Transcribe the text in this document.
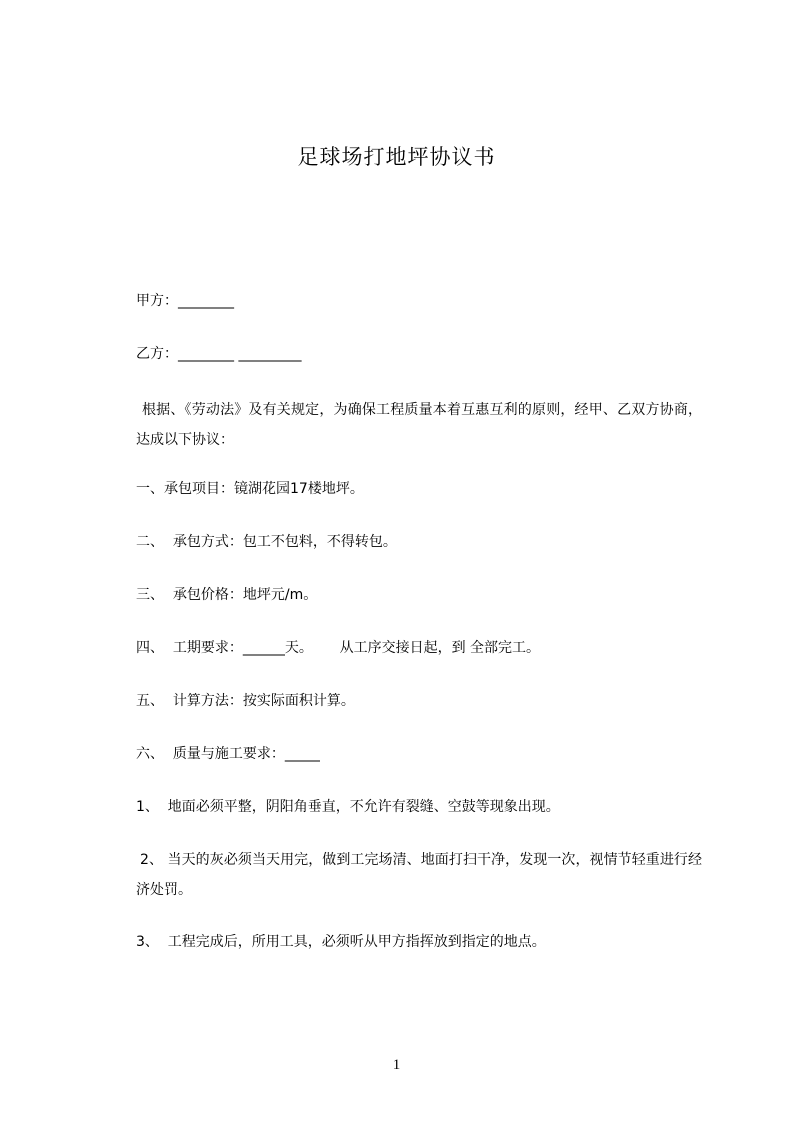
足球场打地坪协议书
甲方：________
乙方：________ _________
根据、《劳动法》及有关规定，为确保工程质量本着互惠互利的原则，经甲、乙双方协商，达成以下协议：
一、承包项目：镜湖花园17楼地坪。
二、  承包方式：包工不包料，不得转包。
三、  承包价格：地坪元/m。
四、  工期要求：______天。      从工序交接日起，到 全部完工。
五、  计算方法：按实际面积计算。
六、  质量与施工要求：_____
1、  地面必须平整，阴阳角垂直，不允许有裂缝、空鼓等现象出现。
2、 当天的灰必须当天用完，做到工完场清、地面打扫干净，发现一次，视情节轻重进行经济处罚。
3、  工程完成后，所用工具，必须听从甲方指挥放到指定的地点。
1
